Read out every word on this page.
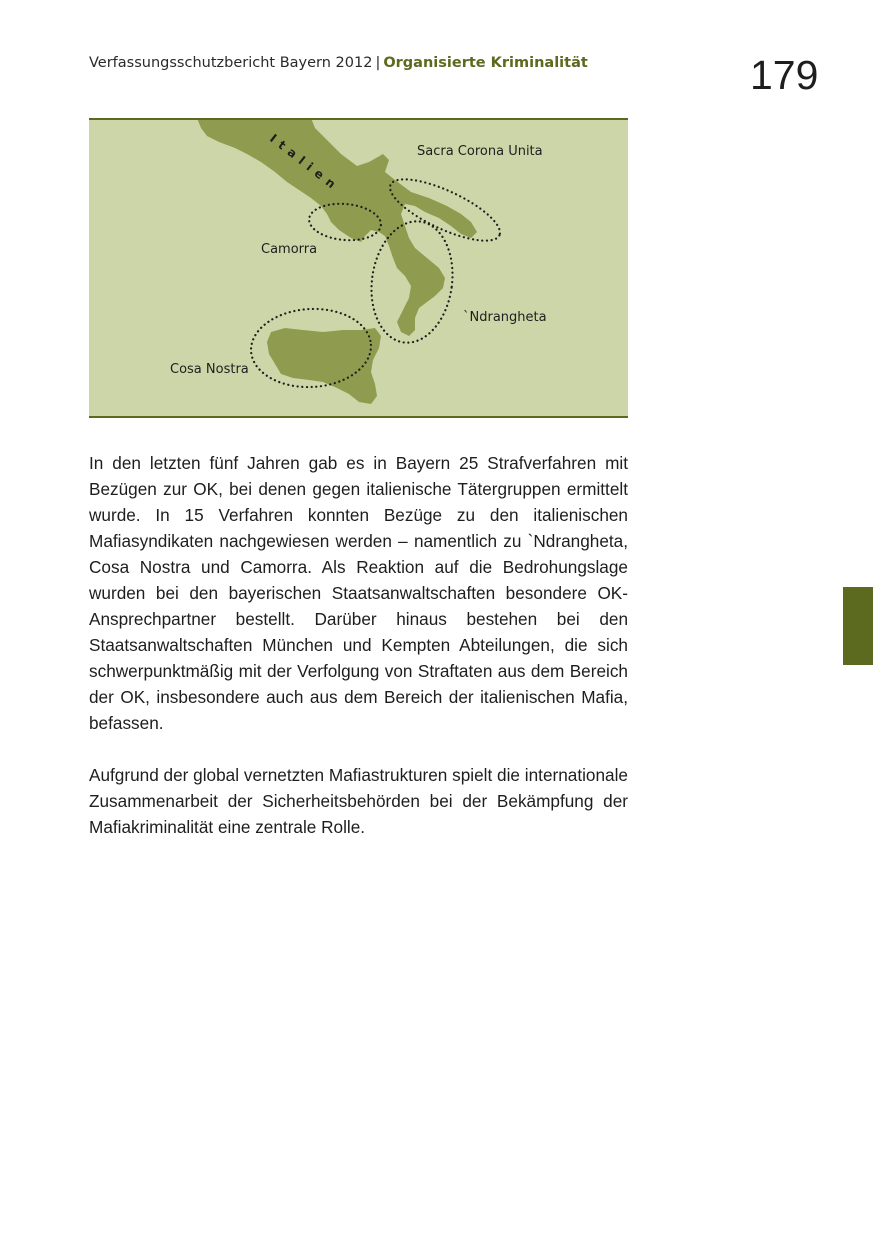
Verfassungsschutzbericht Bayern 2012 | Organisierte Kriminalität	179
Italien	Sacra Corona Unita
Camorra
`Ndrangheta
Cosa Nostra

In den letzten fünf Jahren gab es in Bayern 25 Strafverfahren mit Bezügen zur OK, bei denen gegen italienische Tätergruppen ermittelt wurde. In 15 Verfahren konnten Bezüge zu den italienischen Mafiasyndikaten nachgewiesen werden – namentlich zu `Ndrangheta, Cosa Nostra und Camorra. Als Reaktion auf die Bedrohungslage wurden bei den bayerischen Staatsanwaltschaften besondere OK-Ansprechpartner bestellt. Darüber hinaus bestehen bei den Staatsanwaltschaften München und Kempten Abteilungen, die sich schwerpunktmäßig mit der Verfolgung von Straftaten aus dem Bereich der OK, insbesondere auch aus dem Bereich der italienischen Mafia, befassen.

Aufgrund der global vernetzten Mafiastrukturen spielt die internationale Zusammenarbeit der Sicherheitsbehörden bei der Bekämpfung der Mafiakriminalität eine zentrale Rolle.
